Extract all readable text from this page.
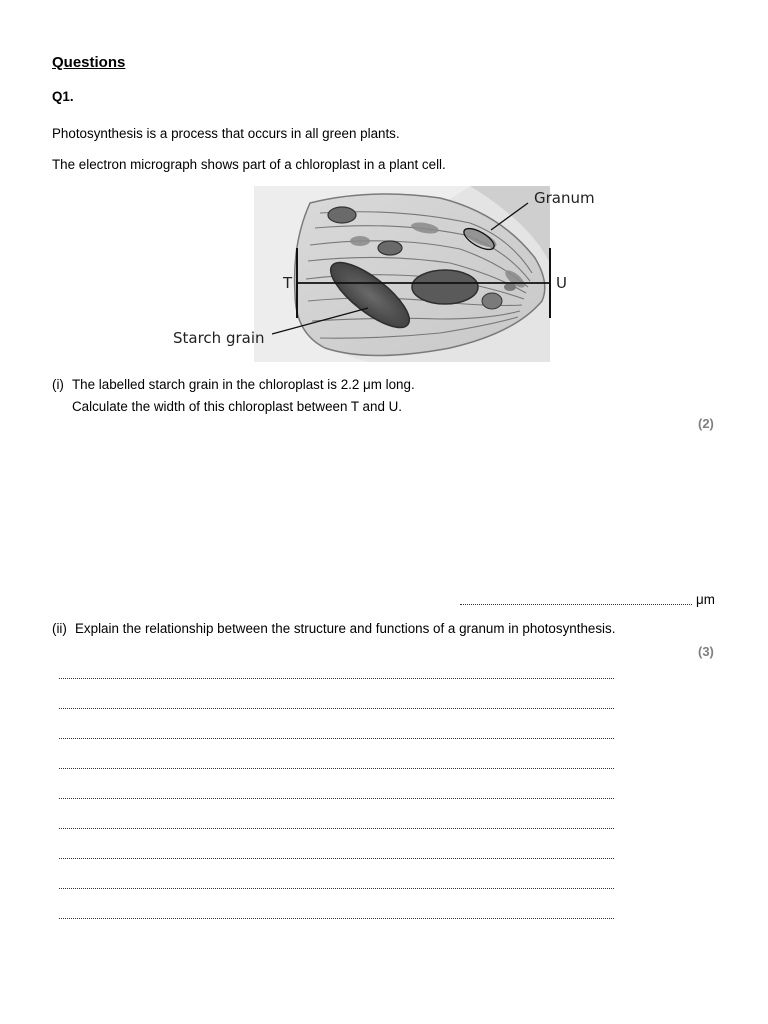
Questions
Q1.
Photosynthesis is a process that occurs in all green plants.
The electron micrograph shows part of a chloroplast in a plant cell.
Granum
T	U
Starch grain
(i) The labelled starch grain in the chloroplast is 2.2 μm long.
Calculate the width of this chloroplast between T and U.
(2)
μm
(ii) Explain the relationship between the structure and functions of a granum in photosynthesis.
(3)
